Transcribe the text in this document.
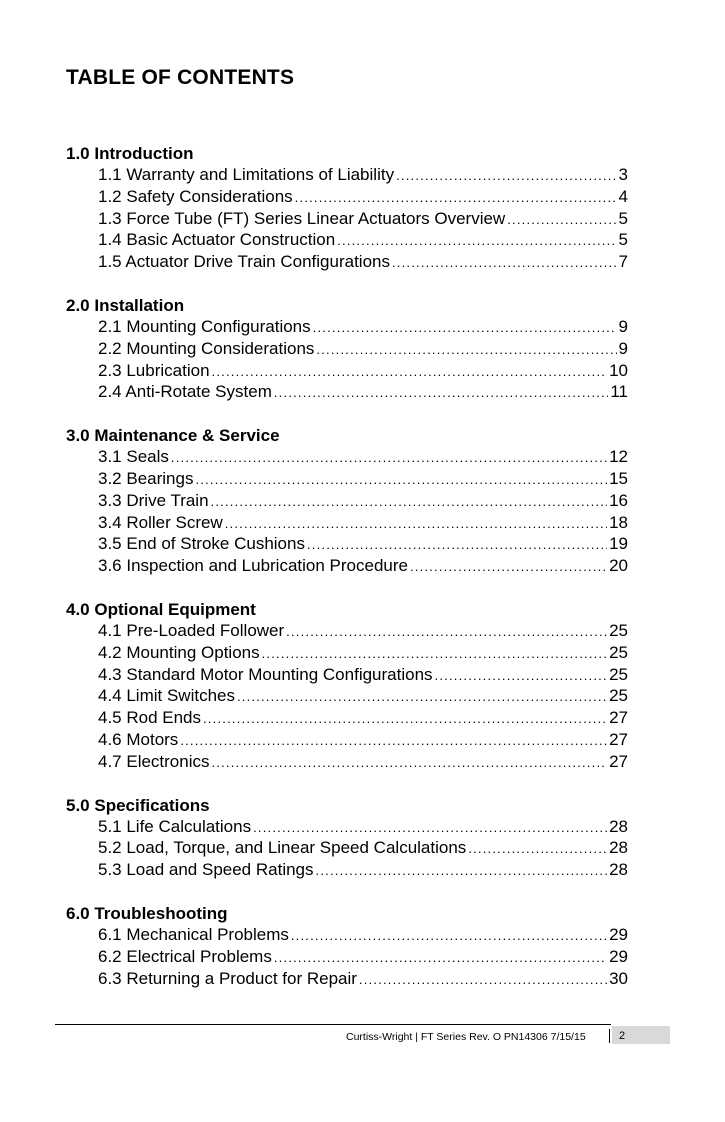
TABLE OF CONTENTS
1.0 Introduction
1.1 Warranty and Limitations of Liability .....	3
1.2 Safety Considerations .....	4
1.3 Force Tube (FT) Series Linear Actuators Overview .....	5
1.4 Basic Actuator Construction .....	5
1.5 Actuator Drive Train Configurations .....	7
2.0 Installation
2.1 Mounting Configurations .....	9
2.2 Mounting Considerations .....	9
2.3 Lubrication .....	10
2.4 Anti-Rotate System .....	11
3.0 Maintenance & Service
3.1 Seals .....	12
3.2 Bearings .....	15
3.3 Drive Train .....	16
3.4 Roller Screw .....	18
3.5 End of Stroke Cushions .....	19
3.6 Inspection and Lubrication Procedure .....	20
4.0 Optional Equipment
4.1 Pre-Loaded Follower .....	25
4.2 Mounting Options .....	25
4.3 Standard Motor Mounting Configurations .....	25
4.4 Limit Switches .....	25
4.5 Rod Ends .....	27
4.6 Motors .....	27
4.7 Electronics .....	27
5.0 Specifications
5.1 Life Calculations .....	28
5.2 Load, Torque, and Linear Speed Calculations .....	28
5.3 Load and Speed Ratings .....	28
6.0 Troubleshooting
6.1 Mechanical Problems .....	29
6.2 Electrical Problems .....	29
6.3 Returning a Product for Repair .....	30
Curtiss-Wright | FT Series Rev. O PN14306 7/15/15	2
